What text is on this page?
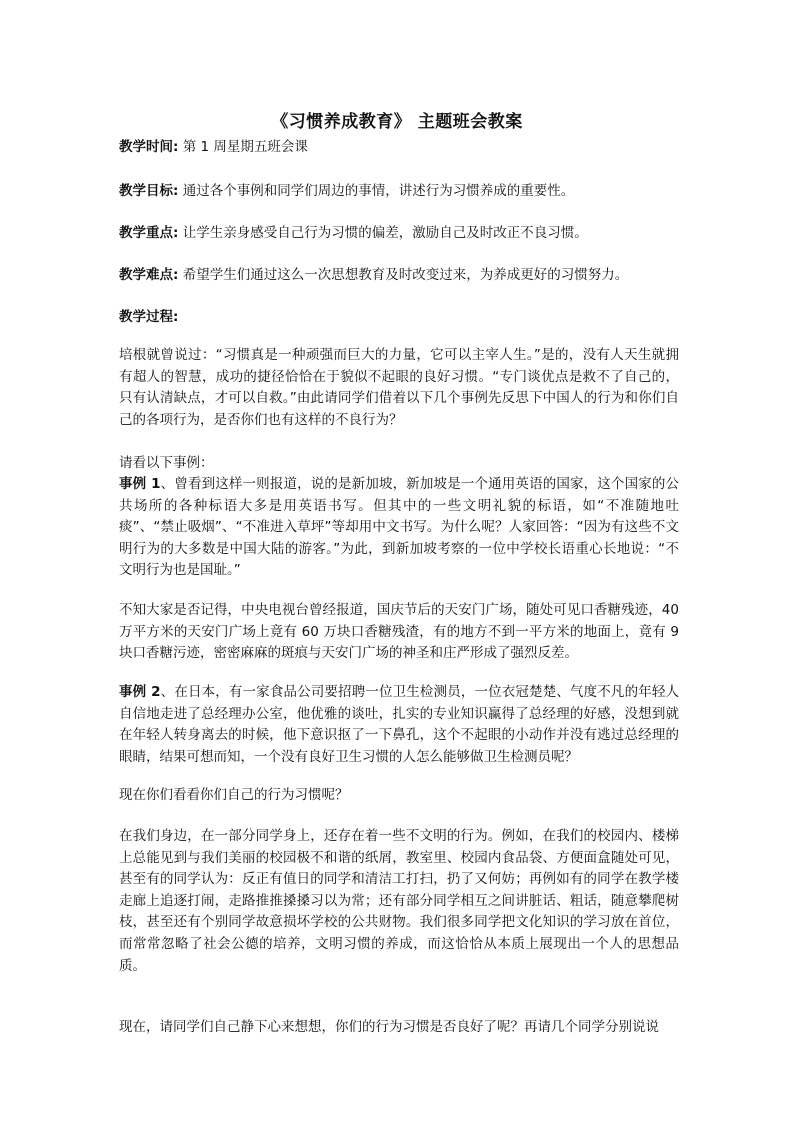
《习惯养成教育》 主题班会教案
教学时间: 第 1 周星期五班会课
教学目标: 通过各个事例和同学们周边的事情，讲述行为习惯养成的重要性。
教学重点: 让学生亲身感受自己行为习惯的偏差，激励自己及时改正不良习惯。
教学难点: 希望学生们通过这么一次思想教育及时改变过来，为养成更好的习惯努力。
教学过程:
培根就曾说过：“习惯真是一种顽强而巨大的力量，它可以主宰人生。”是的，没有人天生就拥有超人的智慧，成功的捷径恰恰在于貌似不起眼的良好习惯。“专门谈优点是救不了自己的，只有认清缺点，才可以自救。”由此请同学们借着以下几个事例先反思下中国人的行为和你们自己的各项行为，是否你们也有这样的不良行为？
请看以下事例：
事例 1、曾看到这样一则报道，说的是新加坡，新加坡是一个通用英语的国家，这个国家的公共场所的各种标语大多是用英语书写。但其中的一些文明礼貌的标语，如“不准随地吐痰”、“禁止吸烟”、“不准进入草坪”等却用中文书写。为什么呢？人家回答：“因为有这些不文明行为的大多数是中国大陆的游客。”为此，到新加坡考察的一位中学校长语重心长地说：“不文明行为也是国耻。”
不知大家是否记得，中央电视台曾经报道，国庆节后的天安门广场，随处可见口香糖残迹，40 万平方米的天安门广场上竟有 60 万块口香糖残渣，有的地方不到一平方米的地面上，竟有 9 块口香糖污迹，密密麻麻的斑痕与天安门广场的神圣和庄严形成了强烈反差。
事例 2、在日本，有一家食品公司要招聘一位卫生检测员，一位衣冠楚楚、气度不凡的年轻人自信地走进了总经理办公室，他优雅的谈吐，扎实的专业知识赢得了总经理的好感，没想到就在年轻人转身离去的时候，他下意识抠了一下鼻孔，这个不起眼的小动作并没有逃过总经理的眼睛，结果可想而知，一个没有良好卫生习惯的人怎么能够做卫生检测员呢？
现在你们看看你们自己的行为习惯呢？
在我们身边，在一部分同学身上，还存在着一些不文明的行为。例如，在我们的校园内、楼梯上总能见到与我们美丽的校园极不和谐的纸屑，教室里、校园内食品袋、方便面盒随处可见，甚至有的同学认为：反正有值日的同学和清洁工打扫，扔了又何妨；再例如有的同学在教学楼走廊上追逐打闹，走路推推搡搡习以为常；还有部分同学相互之间讲脏话、粗话，随意攀爬树枝，甚至还有个别同学故意损坏学校的公共财物。我们很多同学把文化知识的学习放在首位，而常常忽略了社会公德的培养，文明习惯的养成，而这恰恰从本质上展现出一个人的思想品质。
现在，请同学们自己静下心来想想，你们的行为习惯是否良好了呢？再请几个同学分别说说
